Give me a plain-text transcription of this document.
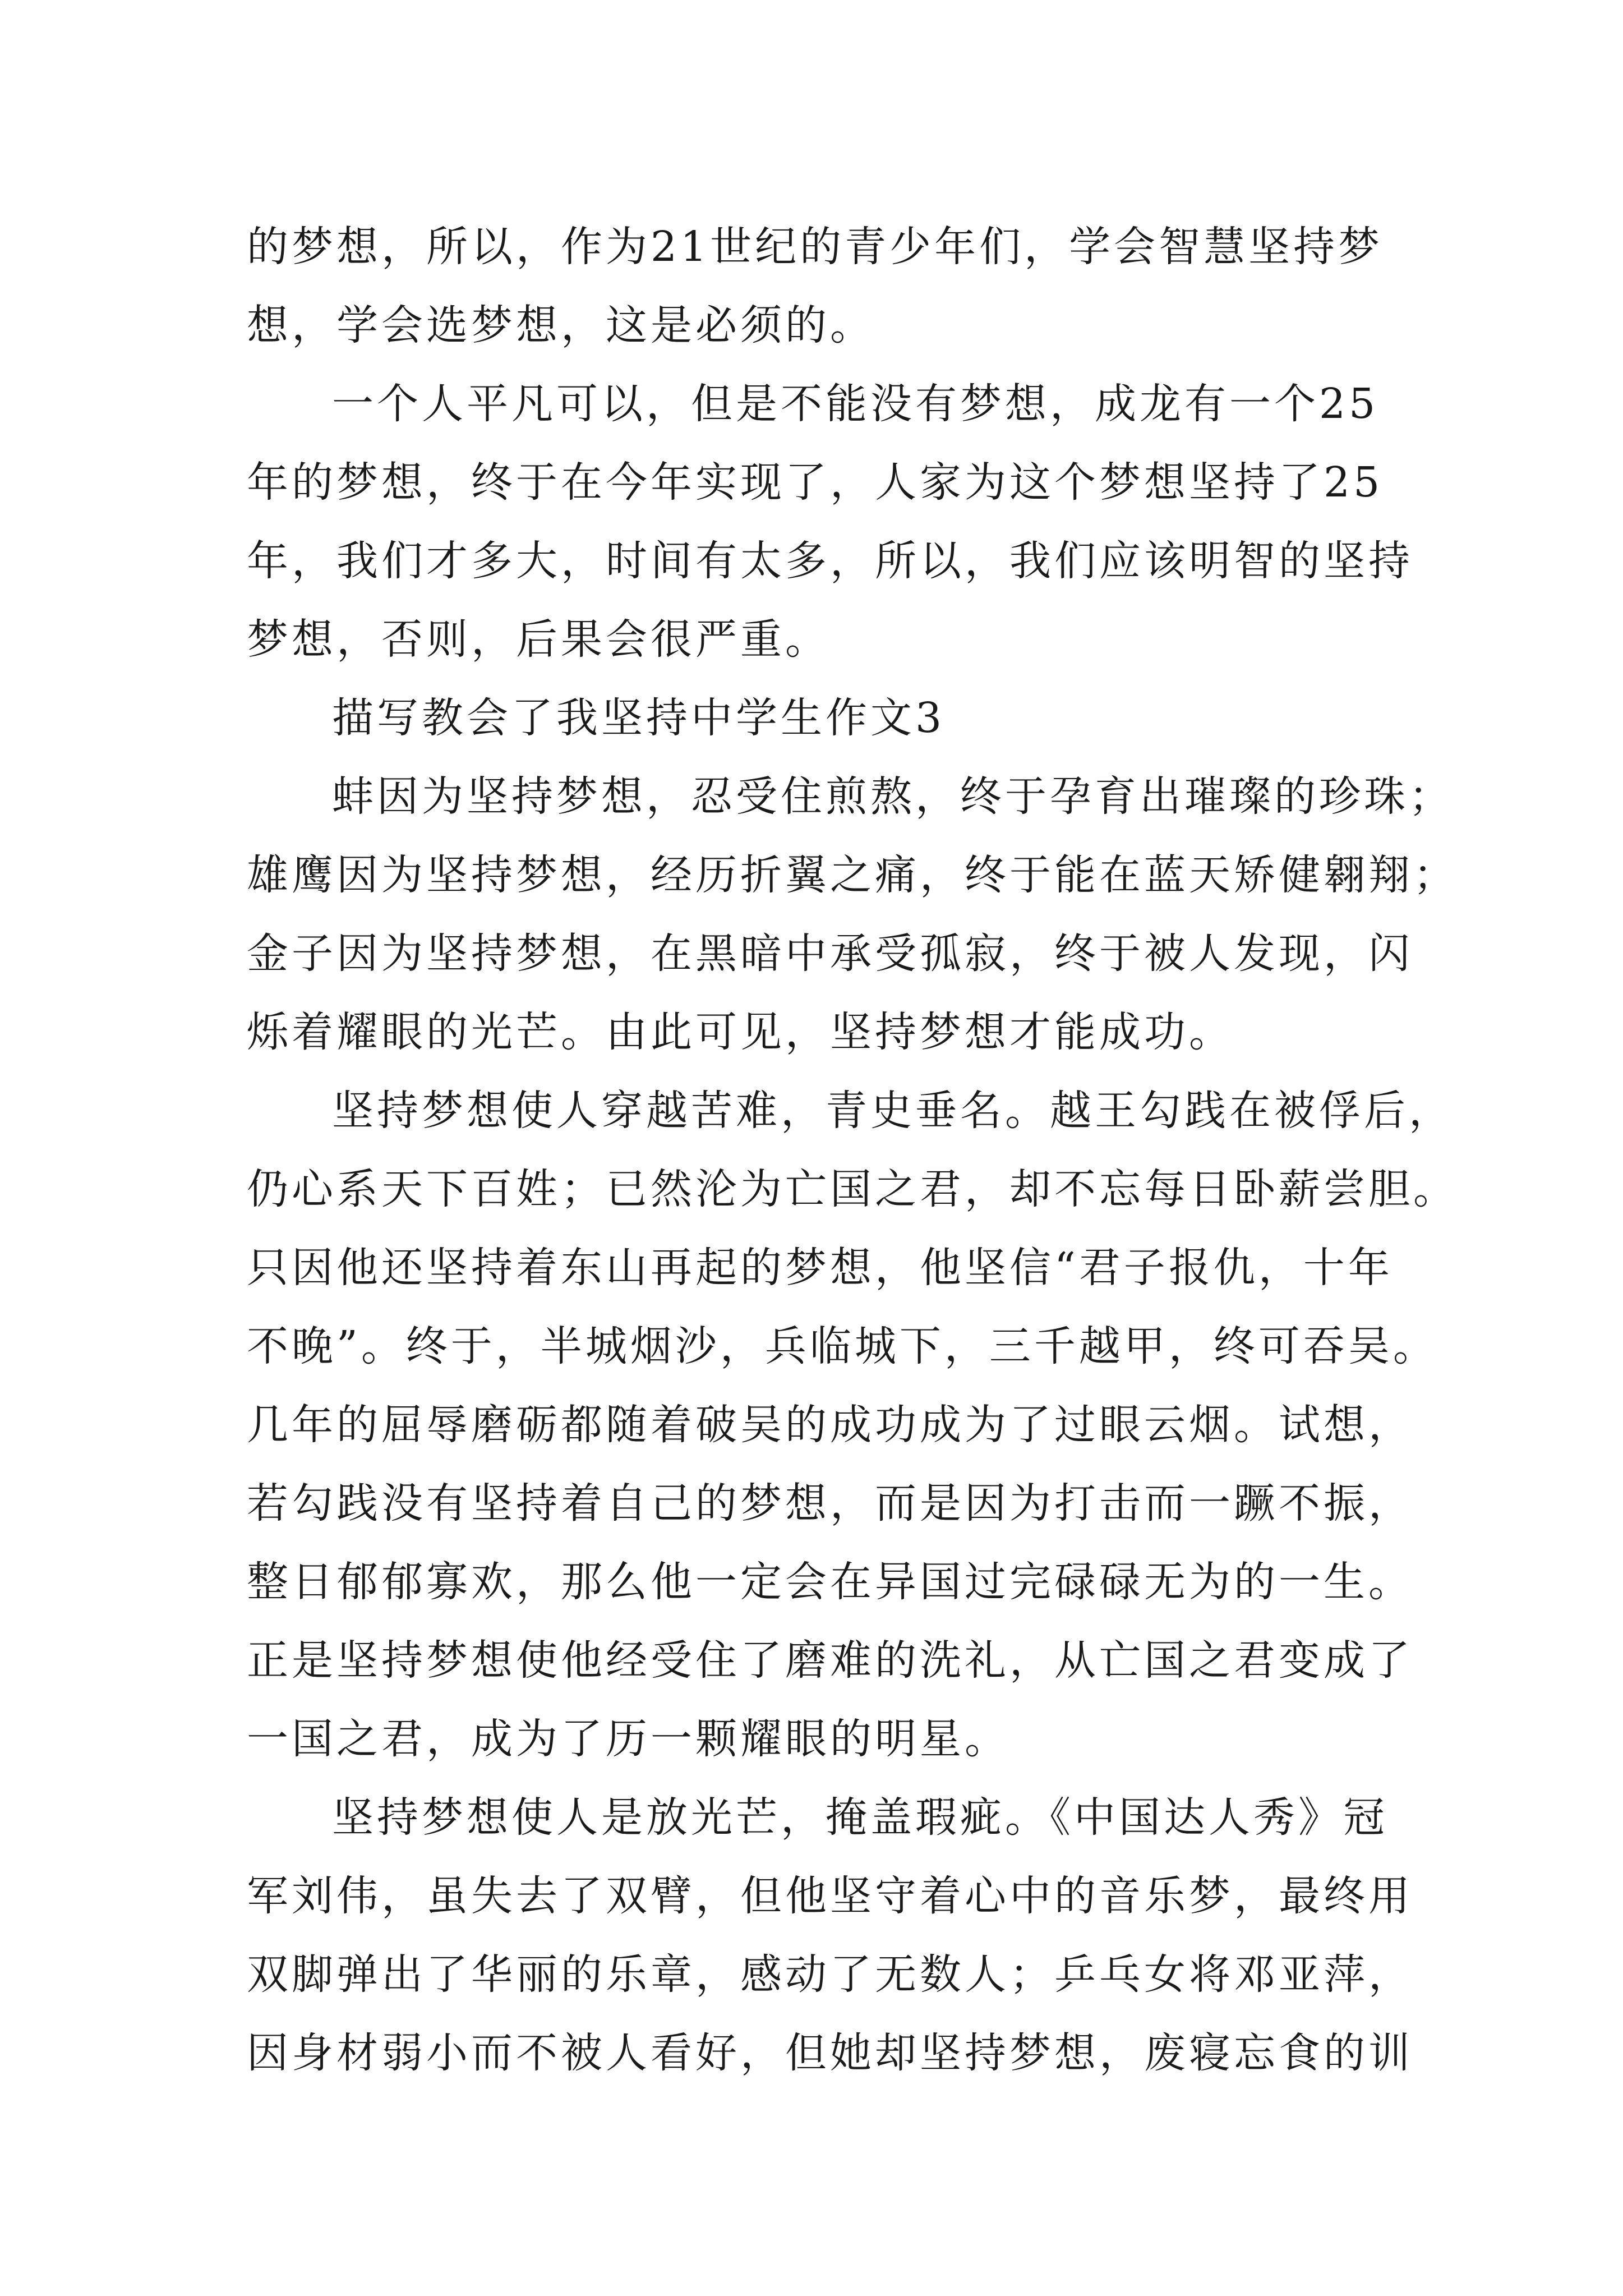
的梦想，所以，作为21世纪的青少年们，学会智慧坚持梦
想，学会选梦想，这是必须的。
一个人平凡可以，但是不能没有梦想，成龙有一个25
年的梦想，终于在今年实现了，人家为这个梦想坚持了25
年，我们才多大，时间有太多，所以，我们应该明智的坚持
梦想，否则，后果会很严重。
描写教会了我坚持中学生作文3
蚌因为坚持梦想，忍受住煎熬，终于孕育出璀璨的珍珠；
雄鹰因为坚持梦想，经历折翼之痛，终于能在蓝天矫健翱翔；
金子因为坚持梦想，在黑暗中承受孤寂，终于被人发现，闪
烁着耀眼的光芒。由此可见，坚持梦想才能成功。
坚持梦想使人穿越苦难，青史垂名。越王勾践在被俘后，
仍心系天下百姓；已然沦为亡国之君，却不忘每日卧薪尝胆。
只因他还坚持着东山再起的梦想，他坚信“君子报仇，十年
不晚”。终于，半城烟沙，兵临城下，三千越甲，终可吞吴。
几年的屈辱磨砺都随着破吴的成功成为了过眼云烟。试想，
若勾践没有坚持着自己的梦想，而是因为打击而一蹶不振，
整日郁郁寡欢，那么他一定会在异国过完碌碌无为的一生。
正是坚持梦想使他经受住了磨难的洗礼，从亡国之君变成了
一国之君，成为了历一颗耀眼的明星。
坚持梦想使人是放光芒，掩盖瑕疵。《中国达人秀》冠
军刘伟，虽失去了双臂，但他坚守着心中的音乐梦，最终用
双脚弹出了华丽的乐章，感动了无数人；乒乓女将邓亚萍，
因身材弱小而不被人看好，但她却坚持梦想，废寝忘食的训
